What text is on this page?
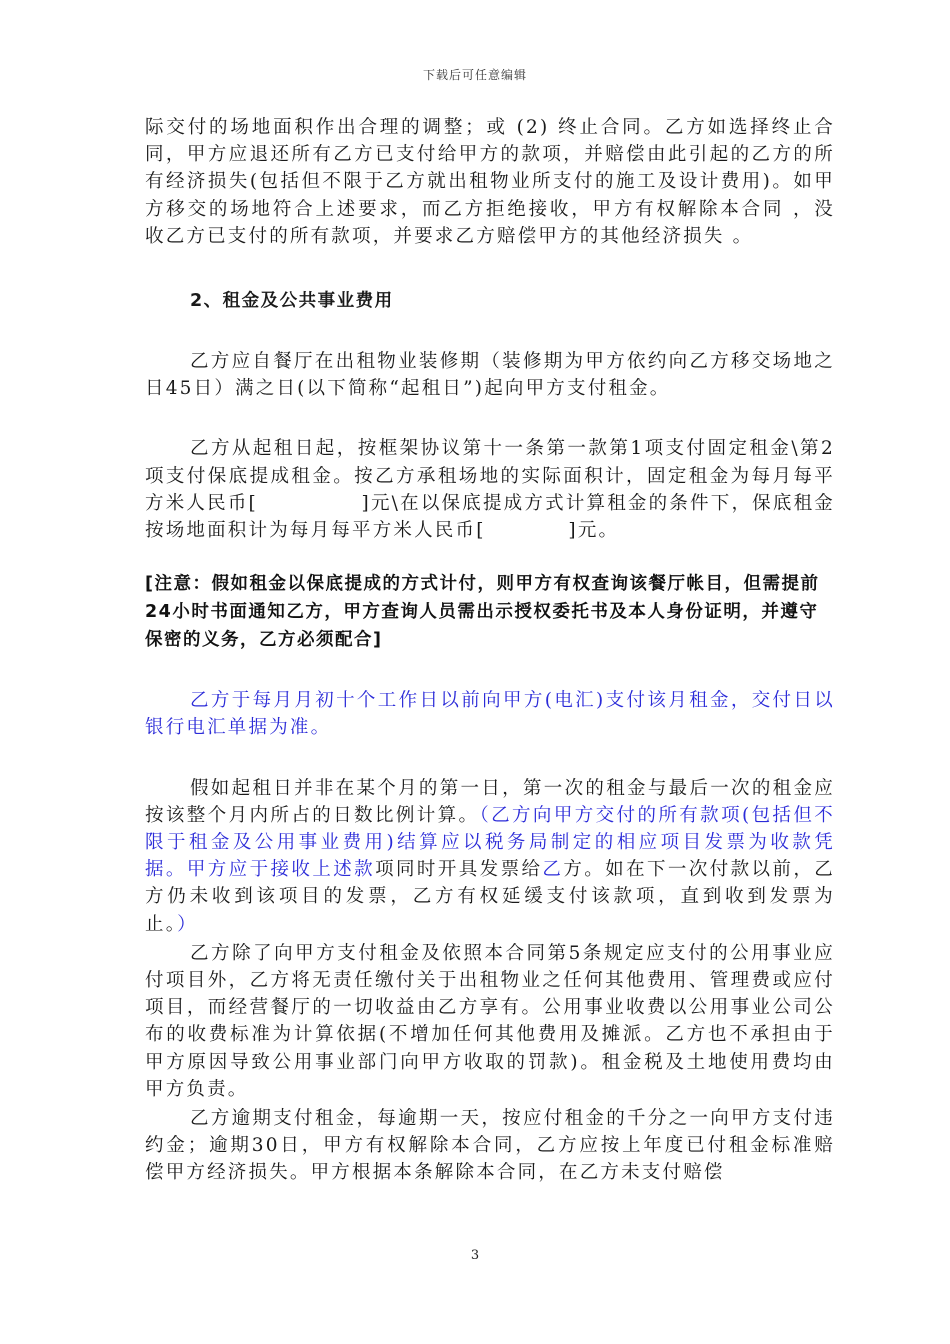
下载后可任意编辑

际交付的场地面积作出合理的调整；或 (2) 终止合同。乙方如选择终止合同，甲方应退还所有乙方已支付给甲方的款项，并赔偿由此引起的乙方的所有经济损失(包括但不限于乙方就出租物业所支付的施工及设计费用)。如甲方移交的场地符合上述要求，而乙方拒绝接收，甲方有权解除本合同 ，没收乙方已支付的所有款项，并要求乙方赔偿甲方的其他经济损失 。

2、租金及公共事业费用

乙方应自餐厅在出租物业装修期（装修期为甲方依约向乙方移交场地之日45日）满之日(以下简称“起租日”)起向甲方支付租金。

乙方从起租日起，按框架协议第十一条第一款第1项支付固定租金\第2项支付保底提成租金。按乙方承租场地的实际面积计，固定租金为每月每平方米人民币[　　　　　]元\在以保底提成方式计算租金的条件下，保底租金按场地面积计为每月每平方米人民币[　　　　]元。

[注意：假如租金以保底提成的方式计付，则甲方有权查询该餐厅帐目，但需提前24小时书面通知乙方，甲方查询人员需出示授权委托书及本人身份证明，并遵守保密的义务，乙方必须配合]

乙方于每月月初十个工作日以前向甲方(电汇)支付该月租金，交付日以银行电汇单据为准。

假如起租日并非在某个月的第一日，第一次的租金与最后一次的租金应按该整个月内所占的日数比例计算。（乙方向甲方交付的所有款项(包括但不限于租金及公用事业费用)结算应以税务局制定的相应项目发票为收款凭据。甲方应于接收上述款项同时开具发票给乙方。如在下一次付款以前，乙方仍未收到该项目的发票，乙方有权延缓支付该款项，直到收到发票为止。）

乙方除了向甲方支付租金及依照本合同第5条规定应支付的公用事业应付项目外，乙方将无责任缴付关于出租物业之任何其他费用、管理费或应付项目，而经营餐厅的一切收益由乙方享有。公用事业收费以公用事业公司公布的收费标准为计算依据(不增加任何其他费用及摊派。乙方也不承担由于甲方原因导致公用事业部门向甲方收取的罚款)。租金税及土地使用费均由甲方负责。

乙方逾期支付租金，每逾期一天，按应付租金的千分之一向甲方支付违约金；逾期30日，甲方有权解除本合同，乙方应按上年度已付租金标准赔偿甲方经济损失。甲方根据本条解除本合同，在乙方未支付赔偿

3
